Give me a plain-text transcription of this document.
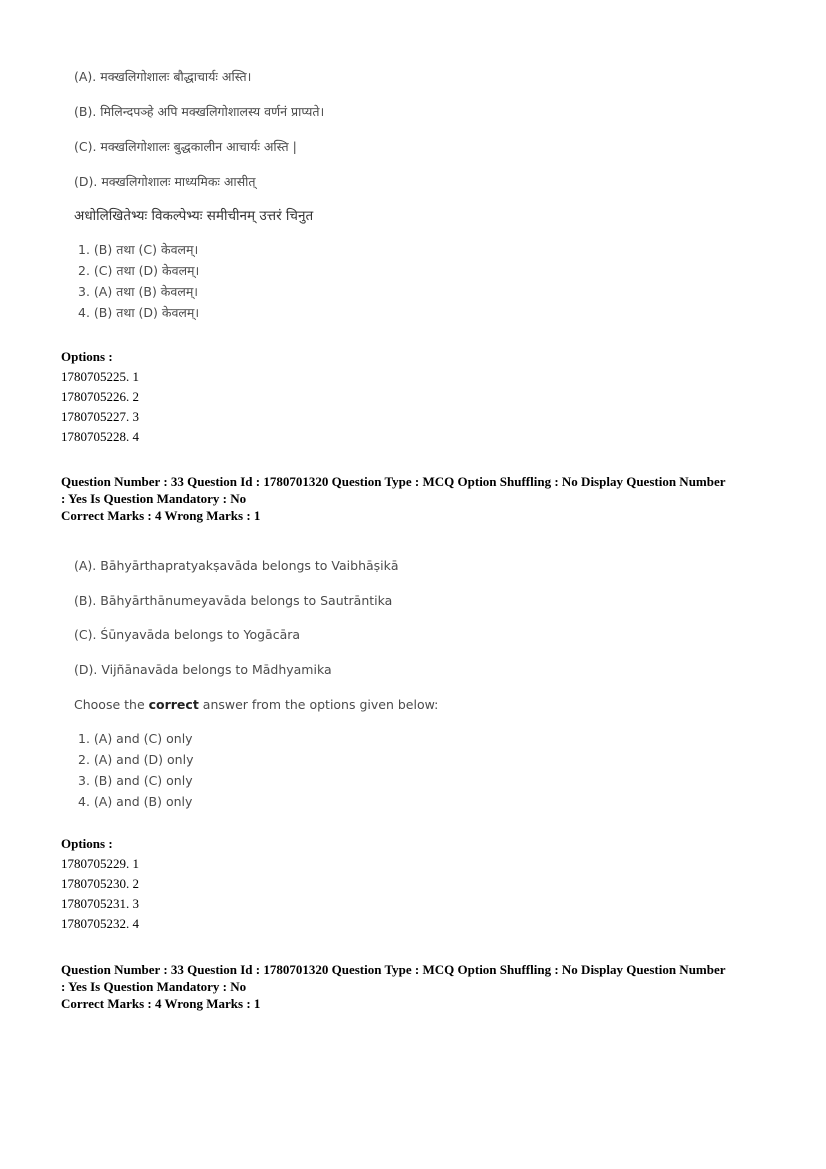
(A). मक्खलिगोशालः बौद्धाचार्यः अस्ति।
(B). मिलिन्दपञ्हे अपि मक्खलिगोशालस्य वर्णनं प्राप्यते।
(C). मक्खलिगोशालः बुद्धकालीन आचार्यः अस्ति |
(D). मक्खलिगोशालः माध्यमिकः आसीत्
अधोलिखितेभ्यः विकल्पेभ्यः समीचीनम् उत्तरं चिनुत
1. (B) तथा (C) केवलम्।
2. (C) तथा (D) केवलम्।
3. (A) तथा (B) केवलम्।
4. (B) तथा (D) केवलम्।
Options :
1780705225. 1
1780705226. 2
1780705227. 3
1780705228. 4
Question Number : 33 Question Id : 1780701320 Question Type : MCQ Option Shuffling : No Display Question Number
: Yes Is Question Mandatory : No
Correct Marks : 4 Wrong Marks : 1
(A). Bāhyārthapratyakṣavāda belongs to Vaibhāṣikā
(B). Bāhyārthānumeyavāda belongs to Sautrāntika
(C). Śūnyavāda belongs to Yogācāra
(D). Vijñānavāda belongs to Mādhyamika
Choose the correct answer from the options given below:
1. (A) and (C) only
2. (A) and (D) only
3. (B) and (C) only
4. (A) and (B) only
Options :
1780705229. 1
1780705230. 2
1780705231. 3
1780705232. 4
Question Number : 33 Question Id : 1780701320 Question Type : MCQ Option Shuffling : No Display Question Number
: Yes Is Question Mandatory : No
Correct Marks : 4 Wrong Marks : 1
